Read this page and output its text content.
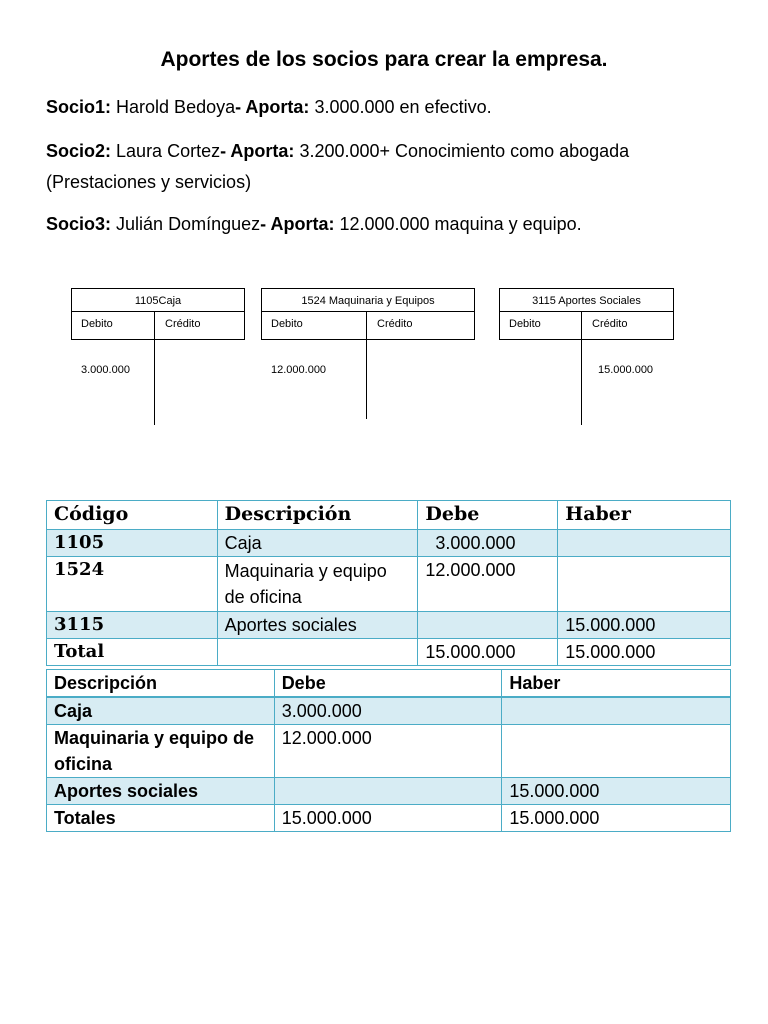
Aportes de los socios para crear la empresa.
Socio1: Harold Bedoya- Aporta: 3.000.000 en efectivo.
Socio2: Laura Cortez- Aporta: 3.200.000+ Conocimiento como abogada
(Prestaciones y servicios)
Socio3: Julián Domínguez- Aporta: 12.000.000 maquina y equipo.
1105Caja
Debito	Crédito
3.000.000
1524 Maquinaria y Equipos
Debito	Crédito
12.000.000
3115 Aportes Sociales
Debito	Crédito
15.000.000
Código	Descripción	Debe	Haber
1105	Caja	3.000.000	
1524	Maquinaria y equipo de oficina	12.000.000	
3115	Aportes sociales		15.000.000
Total		15.000.000	15.000.000
Descripción	Debe	Haber
Caja	3.000.000	
Maquinaria y equipo de oficina	12.000.000	
Aportes sociales		15.000.000
Totales	15.000.000	15.000.000
